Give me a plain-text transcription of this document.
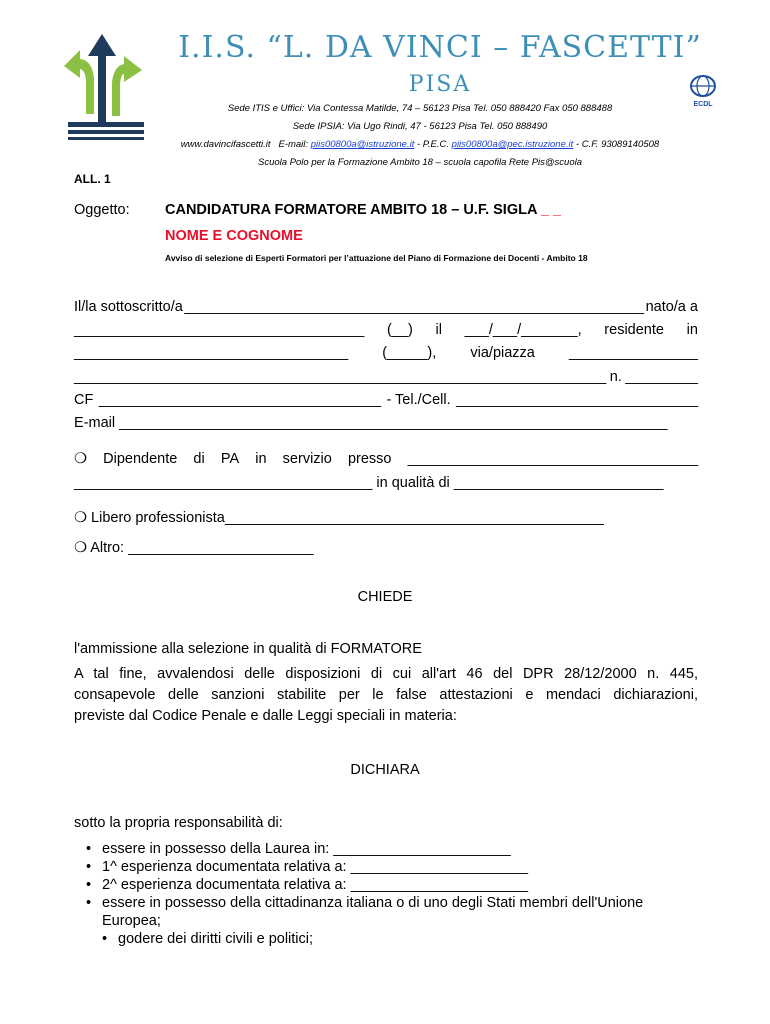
I.I.S. “L. DA VINCI – FASCETTI”
PISA
ECDL
Sede ITIS e Uffici: Via Contessa Matilde, 74 – 56123 Pisa Tel. 050 888420 Fax 050 888488
Sede IPSIA: Via Ugo Rindi, 47 - 56123 Pisa Tel. 050 888490
www.davincifascetti.it E-mail: piis00800a@istruzione.it - P.E.C. piis00800a@pec.istruzione.it - C.F. 93089140508
Scuola Polo per la Formazione Ambito 18 – scuola capofila Rete Pis@scuola
ALL. 1
Oggetto: CANDIDATURA FORMATORE AMBITO 18 – U.F. SIGLA _ _
NOME E COGNOME
Avviso di selezione di Esperti Formatori per l’attuazione del Piano di Formazione dei Docenti - Ambito 18
Il/la sottoscritto/a _________________________________________________________ nato/a a
____________________________________ (__) il ___/___/_______, residente in
__________________________________ (_____), via/piazza ________________
__________________________________________________________________ n. _________
CF ___________________________________ - Tel./Cell. ______________________________
E-mail ____________________________________________________________________
❍ Dipendente di PA in servizio presso ____________________________________
_____________________________________ in qualità di __________________________
❍ Libero professionista_______________________________________________
❍ Altro: _______________________
CHIEDE
l'ammissione alla selezione in qualità di FORMATORE
A tal fine, avvalendosi delle disposizioni di cui all'art 46 del DPR 28/12/2000 n. 445,
consapevole delle sanzioni stabilite per le false attestazioni e mendaci dichiarazioni,
previste dal Codice Penale e dalle Leggi speciali in materia:
DICHIARA
sotto la propria responsabilità di:
• essere in possesso della Laurea in: ______________________
• 1^ esperienza documentata relativa a: ______________________
• 2^ esperienza documentata relativa a: ______________________
• essere in possesso della cittadinanza italiana o di uno degli Stati membri dell'Unione Europea;
• godere dei diritti civili e politici;
